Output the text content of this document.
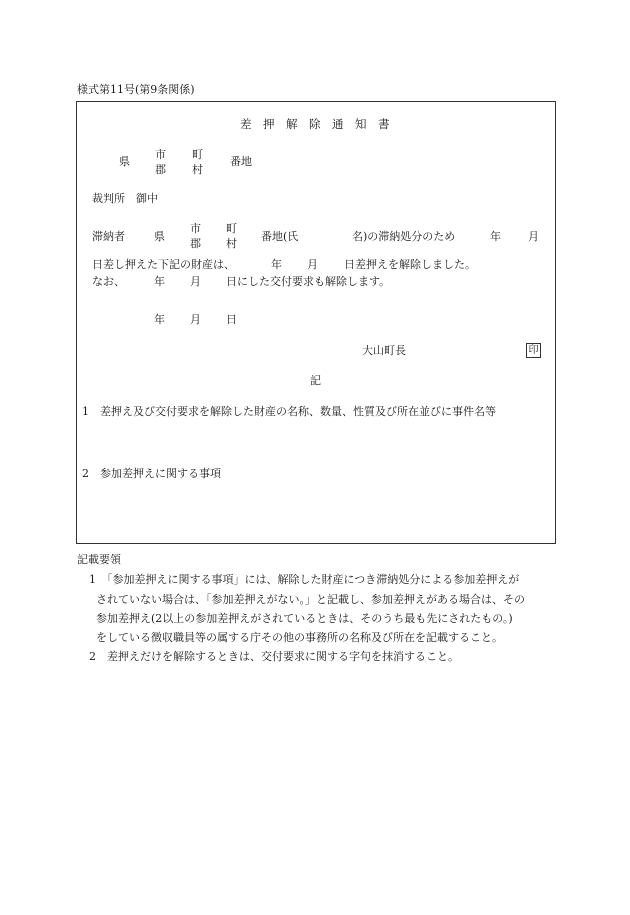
様式第11号(第9条関係)
差　押　解　除　通　知　書
県
市
郡
町
村
番地
裁判所　御中
滞納者	県
市
郡
町
村
番地(氏	名)の滞納処分のため	年 月
日差し押えた下記の財産は、	年 月 日差押えを解除しました。
なお、	年 月 日にした交付要求も解除します。
年 月 日
大山町長	印
記
1　差押え及び交付要求を解除した財産の名称、数量、性質及び所在並びに事件名等
2　参加差押えに関する事項
記載要領
1　「参加差押えに関する事項」には、解除した財産につき滞納処分による参加差押えが
されていない場合は、「参加差押えがない。」と記載し、参加差押えがある場合は、その
参加差押え(2以上の参加差押えがされているときは、そのうち最も先にされたもの。)
をしている徴収職員等の属する庁その他の事務所の名称及び所在を記載すること。
2　差押えだけを解除するときは、交付要求に関する字句を抹消すること。
